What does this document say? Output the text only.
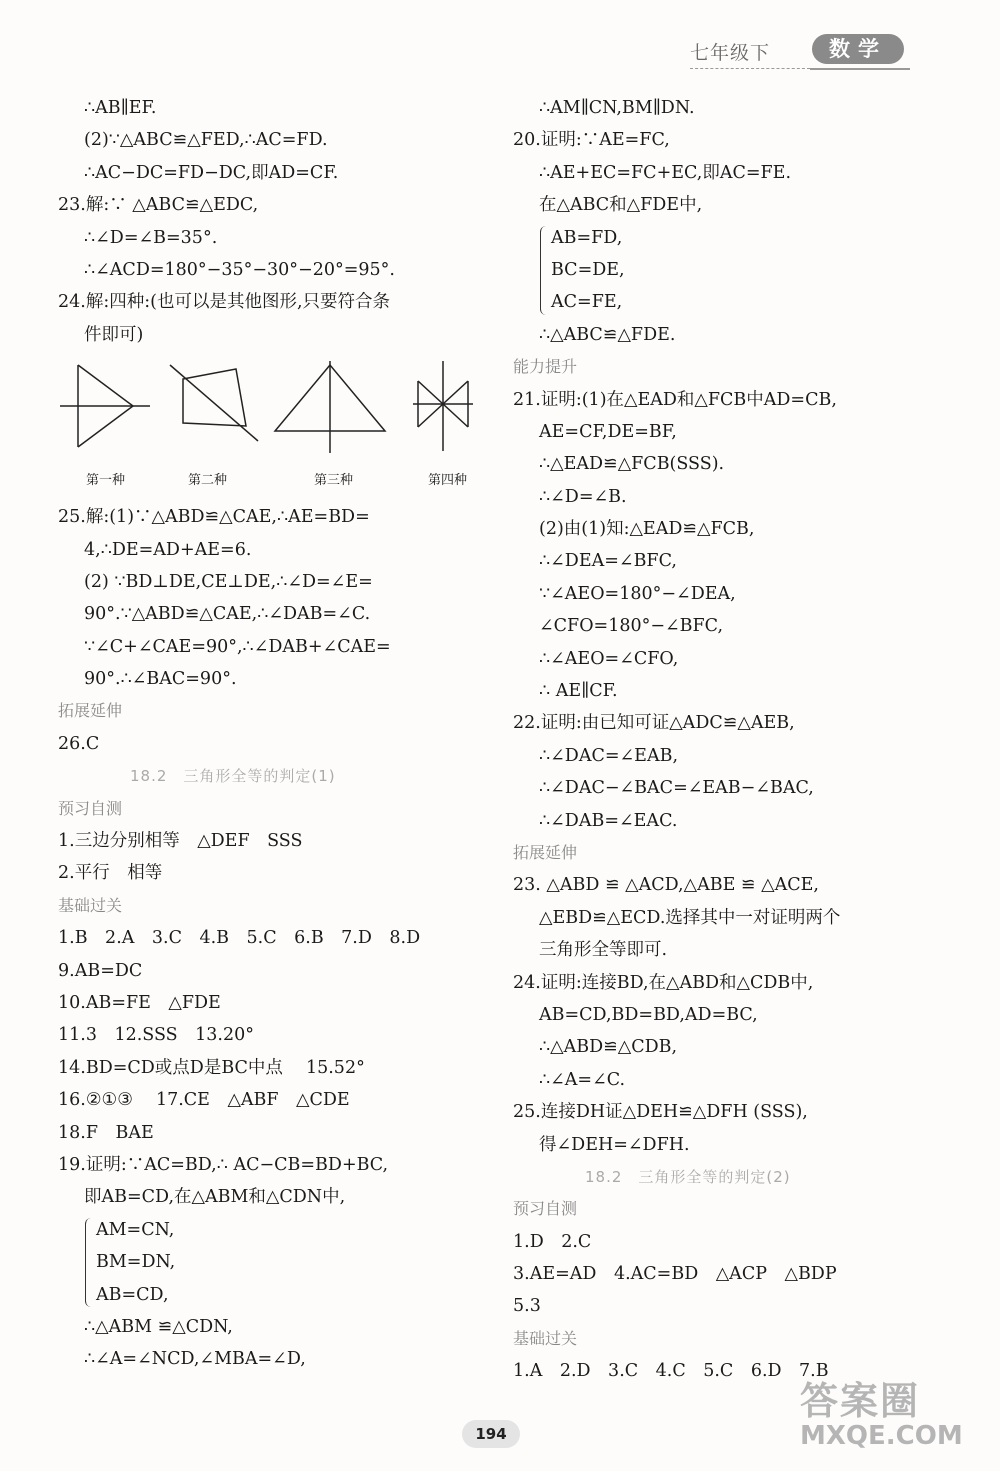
七年级下	数学
∴AB∥EF.
(2)∵△ABC≌△FED,∴AC=FD.
∴AC−DC=FD−DC,即AD=CF.
23.解:∵ △ABC≌△EDC,
∴∠D=∠B=35°.
∴∠ACD=180°−35°−30°−20°=95°.
24.解:四种:(也可以是其他图形,只要符合条
件即可)
第一种	第二种	第三种	第四种
25.解:(1)∵△ABD≌△CAE,∴AE=BD=
4,∴DE=AD+AE=6.
(2) ∵BD⊥DE,CE⊥DE,∴∠D=∠E=
90°.∵△ABD≌△CAE,∴∠DAB=∠C.
∵∠C+∠CAE=90°,∴∠DAB+∠CAE=
90°.∴∠BAC=90°.
拓展延伸
26.C
18.2　三角形全等的判定(1)
预习自测
1.三边分别相等　△DEF　SSS
2.平行　相等
基础过关
1.B　2.A　3.C　4.B　5.C　6.B　7.D　8.D
9.AB=DC
10.AB=FE　△FDE
11.3　12.SSS　13.20°
14.BD=CD或点D是BC中点　 15.52°
16.②①③　 17.CE　△ABF　△CDE
18.F　BAE
19.证明:∵AC=BD,∴ AC−CB=BD+BC,
即AB=CD,在△ABM和△CDN中,
AM=CN,
BM=DN,
AB=CD,
∴△ABM ≌△CDN,
∴∠A=∠NCD,∠MBA=∠D,
∴AM∥CN,BM∥DN.
20.证明:∵AE=FC,
∴AE+EC=FC+EC,即AC=FE.
在△ABC和△FDE中,
AB=FD,
BC=DE,
AC=FE,
∴△ABC≌△FDE.
能力提升
21.证明:(1)在△EAD和△FCB中AD=CB,
AE=CF,DE=BF,
∴△EAD≌△FCB(SSS).
∴∠D=∠B.
(2)由(1)知:△EAD≌△FCB,
∴∠DEA=∠BFC,
∵∠AEO=180°−∠DEA,
∠CFO=180°−∠BFC,
∴∠AEO=∠CFO,
∴ AE∥CF.
22.证明:由已知可证△ADC≌△AEB,
∴∠DAC=∠EAB,
∴∠DAC−∠BAC=∠EAB−∠BAC,
∴∠DAB=∠EAC.
拓展延伸
23. △ABD ≌ △ACD,△ABE ≌ △ACE,
△EBD≌△ECD.选择其中一对证明两个
三角形全等即可.
24.证明:连接BD,在△ABD和△CDB中,
AB=CD,BD=BD,AD=BC,
∴△ABD≌△CDB,
∴∠A=∠C.
25.连接DH证△DEH≌△DFH (SSS),
得∠DEH=∠DFH.
18.2　三角形全等的判定(2)
预习自测
1.D　2.C
3.AE=AD　4.AC=BD　△ACP　△BDP
5.3
基础过关
1.A　2.D　3.C　4.C　5.C　6.D　7.B
194
答案圈
MXQE.COM
